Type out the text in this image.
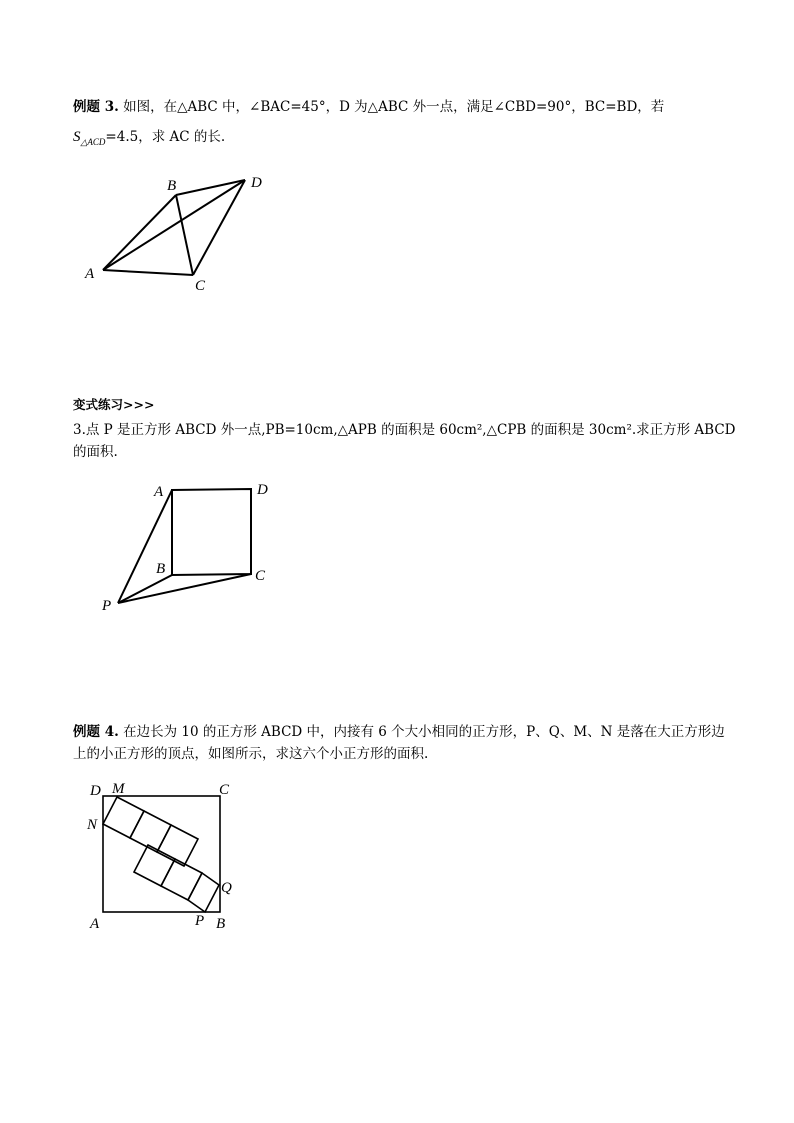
例题 3. 如图，在△ABC 中，∠BAC=45°，D 为△ABC 外一点，满足∠CBD=90°，BC=BD，若
$S_{\triangle ACD}=4.5$，求 AC 的长.
A
B
C
D
变式练习>>>
3.点 P 是正方形 ABCD 外一点,PB=10cm,△APB 的面积是 60cm²,△CPB 的面积是 30cm².求正方形 ABCD
的面积.
A	D
B	C
P
例题 4. 在边长为 10 的正方形 ABCD 中，内接有 6 个大小相同的正方形，P、Q、M、N 是落在大正方形边
上的小正方形的顶点，如图所示，求这六个小正方形的面积.
D M	C
N
Q
A	P B
